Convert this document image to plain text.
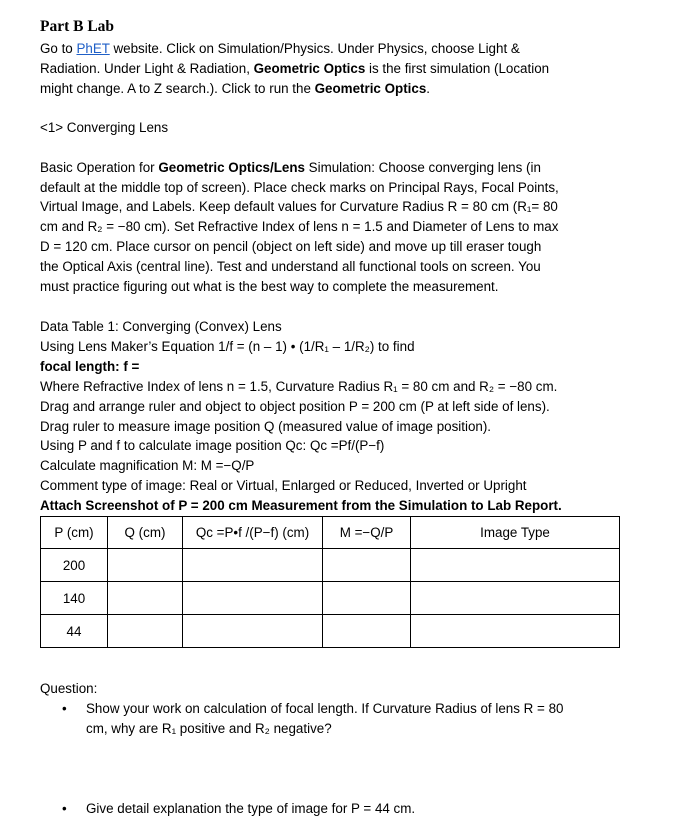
Part B Lab

Go to PhET website. Click on Simulation/Physics. Under Physics, choose Light &
Radiation. Under Light & Radiation, Geometric Optics is the first simulation (Location
might change. A to Z search.). Click to run the Geometric Optics.

<1> Converging Lens

Basic Operation for Geometric Optics/Lens Simulation: Choose converging lens (in
default at the middle top of screen). Place check marks on Principal Rays, Focal Points,
Virtual Image, and Labels. Keep default values for Curvature Radius R = 80 cm (R₁= 80
cm and R₂ = −80 cm). Set Refractive Index of lens n = 1.5 and Diameter of Lens to max
D = 120 cm. Place cursor on pencil (object on left side) and move up till eraser tough
the Optical Axis (central line). Test and understand all functional tools on screen. You
must practice figuring out what is the best way to complete the measurement.

Data Table 1: Converging (Convex) Lens
Using Lens Maker’s Equation 1/f = (n – 1) • (1/R₁ – 1/R₂) to find
focal length: f =
Where Refractive Index of lens n = 1.5, Curvature Radius R₁ = 80 cm and R₂ = −80 cm.
Drag and arrange ruler and object to object position P = 200 cm (P at left side of lens).
Drag ruler to measure image position Q (measured value of image position).
Using P and f to calculate image position Qc: Qc =Pf/(P−f)
Calculate magnification M: M =−Q/P
Comment type of image: Real or Virtual, Enlarged or Reduced, Inverted or Upright
Attach Screenshot of P = 200 cm Measurement from the Simulation to Lab Report.

P (cm)	Q (cm)	Qc =P•f /(P−f) (cm)	M =−Q/P	Image Type
200				
140				
44				

Question:

• Show your work on calculation of focal length. If Curvature Radius of lens R = 80
cm, why are R₁ positive and R₂ negative?
• Give detail explanation the type of image for P = 44 cm.
